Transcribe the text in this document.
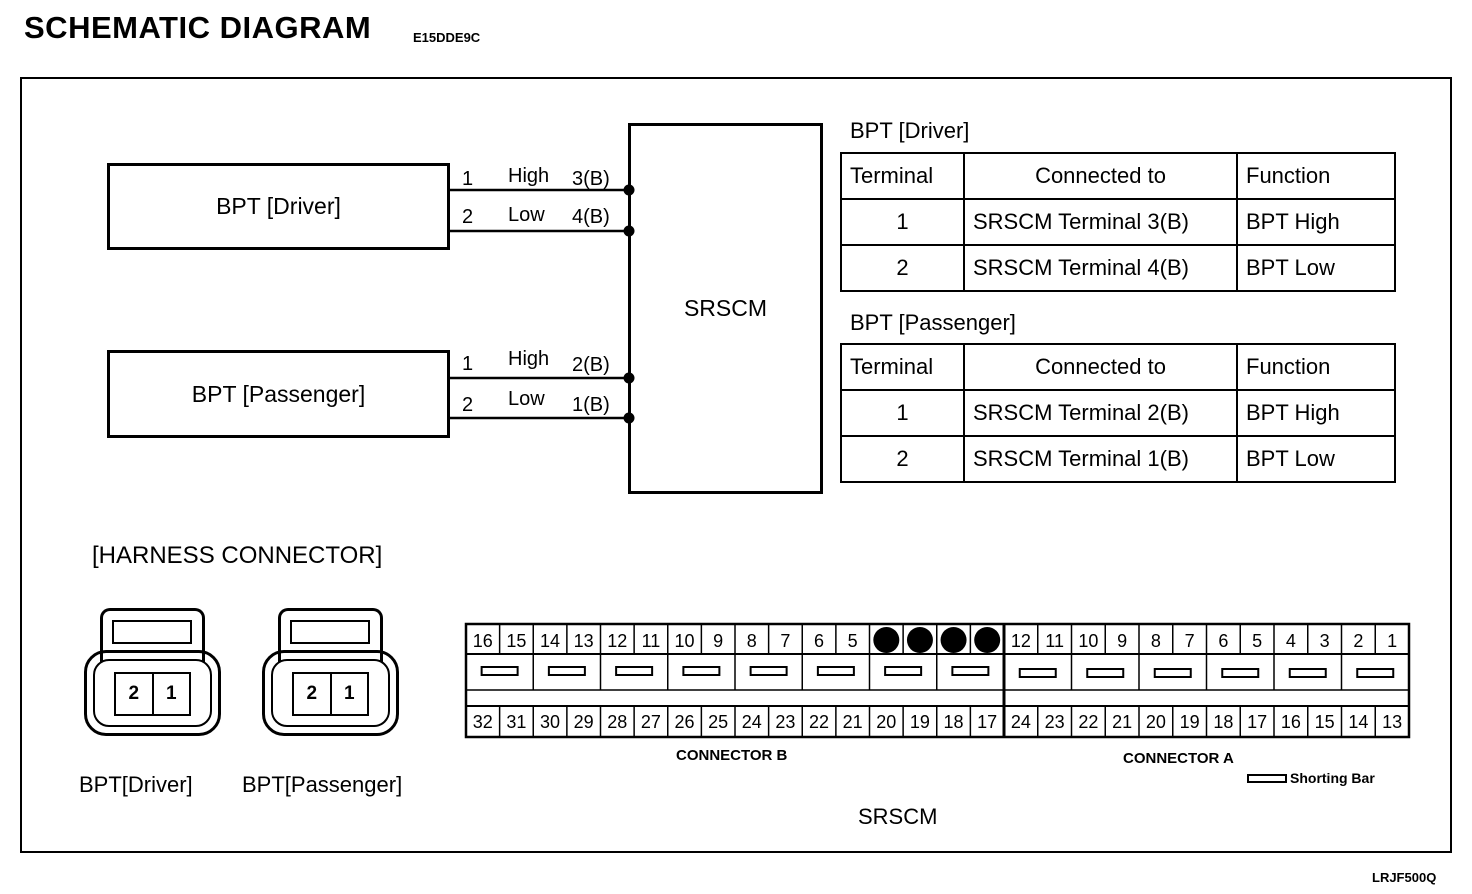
SCHEMATIC DIAGRAM	E15DDE9C
BPT [Driver]
BPT [Passenger]
SRSCM
1 High 3(B)
2 Low 4(B)
1 High 2(B)
2 Low 1(B)
BPT [Driver]
Terminal	Connected to	Function
1	SRSCM Terminal 3(B)	BPT High
2	SRSCM Terminal 4(B)	BPT Low
BPT [Passenger]
Terminal	Connected to	Function
1	SRSCM Terminal 2(B)	BPT High
2	SRSCM Terminal 1(B)	BPT Low
[HARNESS CONNECTOR]
2	1
BPT[Driver]
2	1
BPT[Passenger]
16 15 14 13 12 11 10 9 8 7 6 5
32 31 30 29 28 27 26 25 24 23 22 21 20 19 18 17
12 11 10 9 8 7 6 5 4 3 2 1
24 23 22 21 20 19 18 17 16 15 14 13
CONNECTOR B	CONNECTOR A
Shorting Bar
SRSCM
LRJF500Q
